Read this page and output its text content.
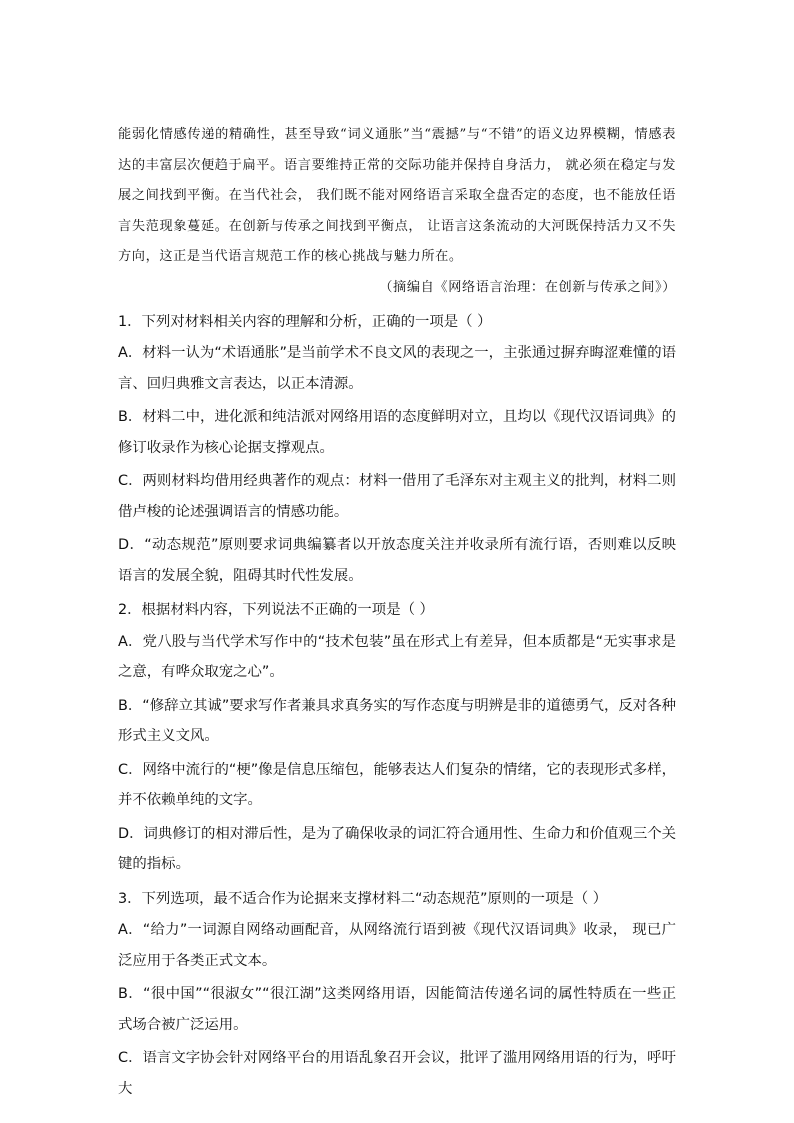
能弱化情感传递的精确性，甚至导致“词义通胀”当“震撼”与“不错”的语义边界模糊，情感表达的丰富层次便趋于扁平。语言要维持正常的交际功能并保持自身活力， 就必须在稳定与发展之间找到平衡。在当代社会， 我们既不能对网络语言采取全盘否定的态度，也不能放任语言失范现象蔓延。在创新与传承之间找到平衡点， 让语言这条流动的大河既保持活力又不失方向，这正是当代语言规范工作的核心挑战与魅力所在。

（摘编自《网络语言治理：在创新与传承之间》）

1．下列对材料相关内容的理解和分析，正确的一项是（ ）

A．材料一认为“术语通胀”是当前学术不良文风的表现之一，主张通过摒弃晦涩难懂的语言、回归典雅文言表达，以正本清源。

B．材料二中，进化派和纯洁派对网络用语的态度鲜明对立，且均以《现代汉语词典》的修订收录作为核心论据支撑观点。

C．两则材料均借用经典著作的观点：材料一借用了毛泽东对主观主义的批判，材料二则借卢梭的论述强调语言的情感功能。

D．“动态规范”原则要求词典编纂者以开放态度关注并收录所有流行语，否则难以反映语言的发展全貌，阻碍其时代性发展。

2．根据材料内容，下列说法不正确的一项是（ ）

A．党八股与当代学术写作中的“技术包装”虽在形式上有差异，但本质都是“无实事求是之意，有哗众取宠之心”。

B．“修辞立其诚”要求写作者兼具求真务实的写作态度与明辨是非的道德勇气，反对各种形式主义文风。

C．网络中流行的“梗”像是信息压缩包，能够表达人们复杂的情绪，它的表现形式多样，并不依赖单纯的文字。

D．词典修订的相对滞后性，是为了确保收录的词汇符合通用性、生命力和价值观三个关键的指标。

3．下列选项，最不适合作为论据来支撑材料二“动态规范”原则的一项是（ ）

A．“给力”一词源自网络动画配音，从网络流行语到被《现代汉语词典》收录， 现已广泛应用于各类正式文本。

B．“很中国”“很淑女”“很江湖”这类网络用语，因能简洁传递名词的属性特质在一些正式场合被广泛运用。

C．语言文字协会针对网络平台的用语乱象召开会议，批评了滥用网络用语的行为，呼吁大
